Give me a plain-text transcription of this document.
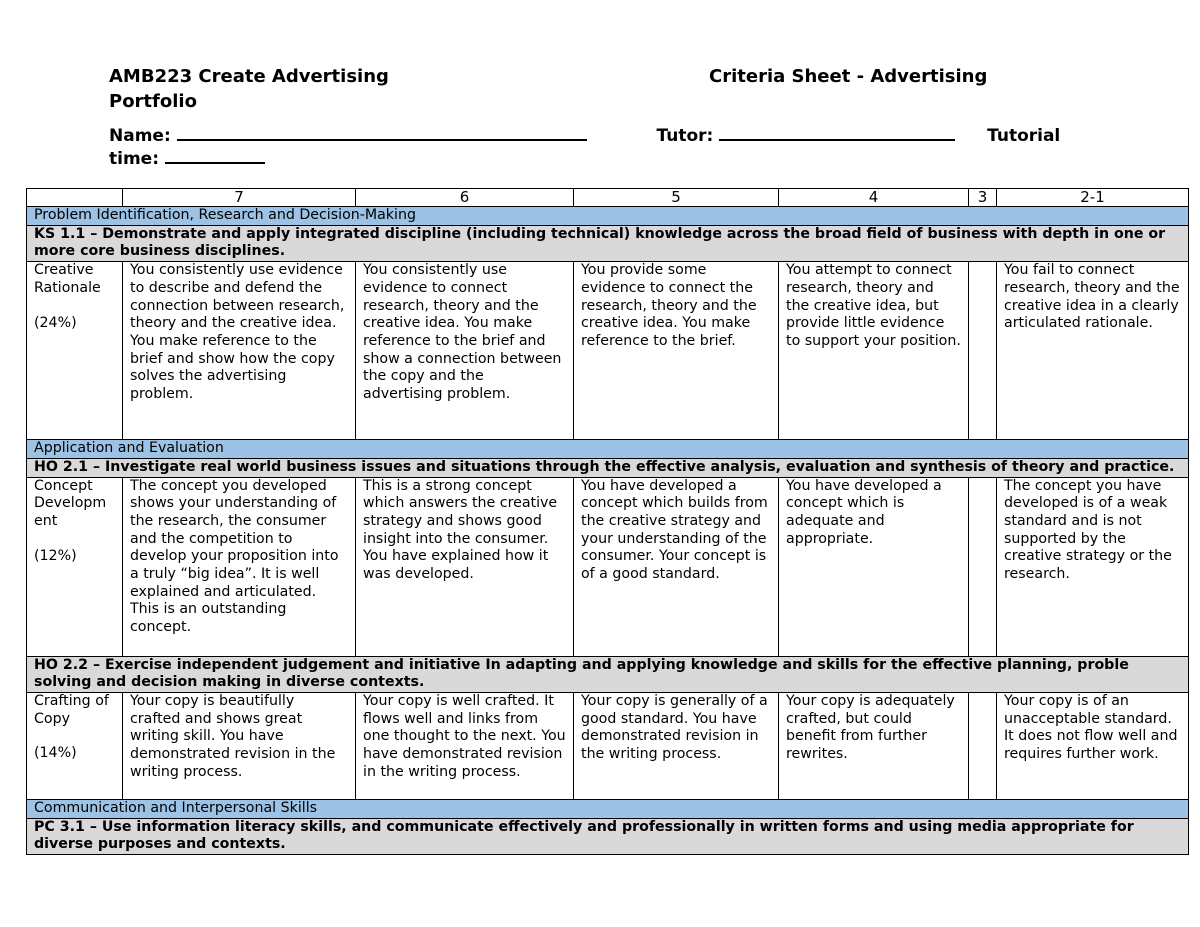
AMB223 Create Advertising Portfolio
Criteria Sheet - Advertising
Name:	Tutor:	Tutorial
time:
	7	6	5	4	3	2-1
Problem Identification, Research and Decision-Making						
KS 1.1 – Demonstrate and apply integrated discipline (including technical) knowledge across the broad field of business with depth in one or more core business disciplines.						

Creative Rationale
(24%)	You consistently use evidence to describe and defend the connection between research, theory and the creative idea. You make reference to the brief and show how the copy solves the advertising problem.	You consistently use evidence to connect research, theory and the creative idea. You make reference to the brief and show a connection between the copy and the advertising problem.	You provide some evidence to connect the research, theory and the creative idea. You make reference to the brief.	You attempt to connect research, theory and the creative idea, but provide little evidence to support your position.		You fail to connect research, theory and the creative idea in a clearly articulated rationale.
Application and Evaluation						
HO 2.1 – Investigate real world business issues and situations through the effective analysis, evaluation and synthesis of theory and practice.						

Concept Developm ent
(12%)	The concept you developed shows your understanding of the research, the consumer and the competition to develop your proposition into a truly “big idea”. It is well explained and articulated. This is an outstanding concept.	This is a strong concept which answers the creative strategy and shows good insight into the consumer. You have explained how it was developed.	You have developed a concept which builds from the creative strategy and your understanding of the consumer. Your concept is of a good standard.	You have developed a concept which is adequate and appropriate.		The concept you have developed is of a weak standard and is not supported by the creative strategy or the research.
HO 2.2 – Exercise independent judgement and initiative In adapting and applying knowledge and skills for the effective planning, proble solving and decision making in diverse contexts.						

Crafting of Copy
(14%)	Your copy is beautifully crafted and shows great writing skill. You have demonstrated revision in the writing process.	Your copy is well crafted. It flows well and links from one thought to the next. You have demonstrated revision in the writing process.	Your copy is generally of a good standard. You have demonstrated revision in the writing process.	Your copy is adequately crafted, but could benefit from further rewrites.		Your copy is of an unacceptable standard. It does not flow well and requires further work.
Communication and Interpersonal Skills						
PC 3.1 – Use information literacy skills, and communicate effectively and professionally in written forms and using media appropriate for diverse purposes and contexts.						
